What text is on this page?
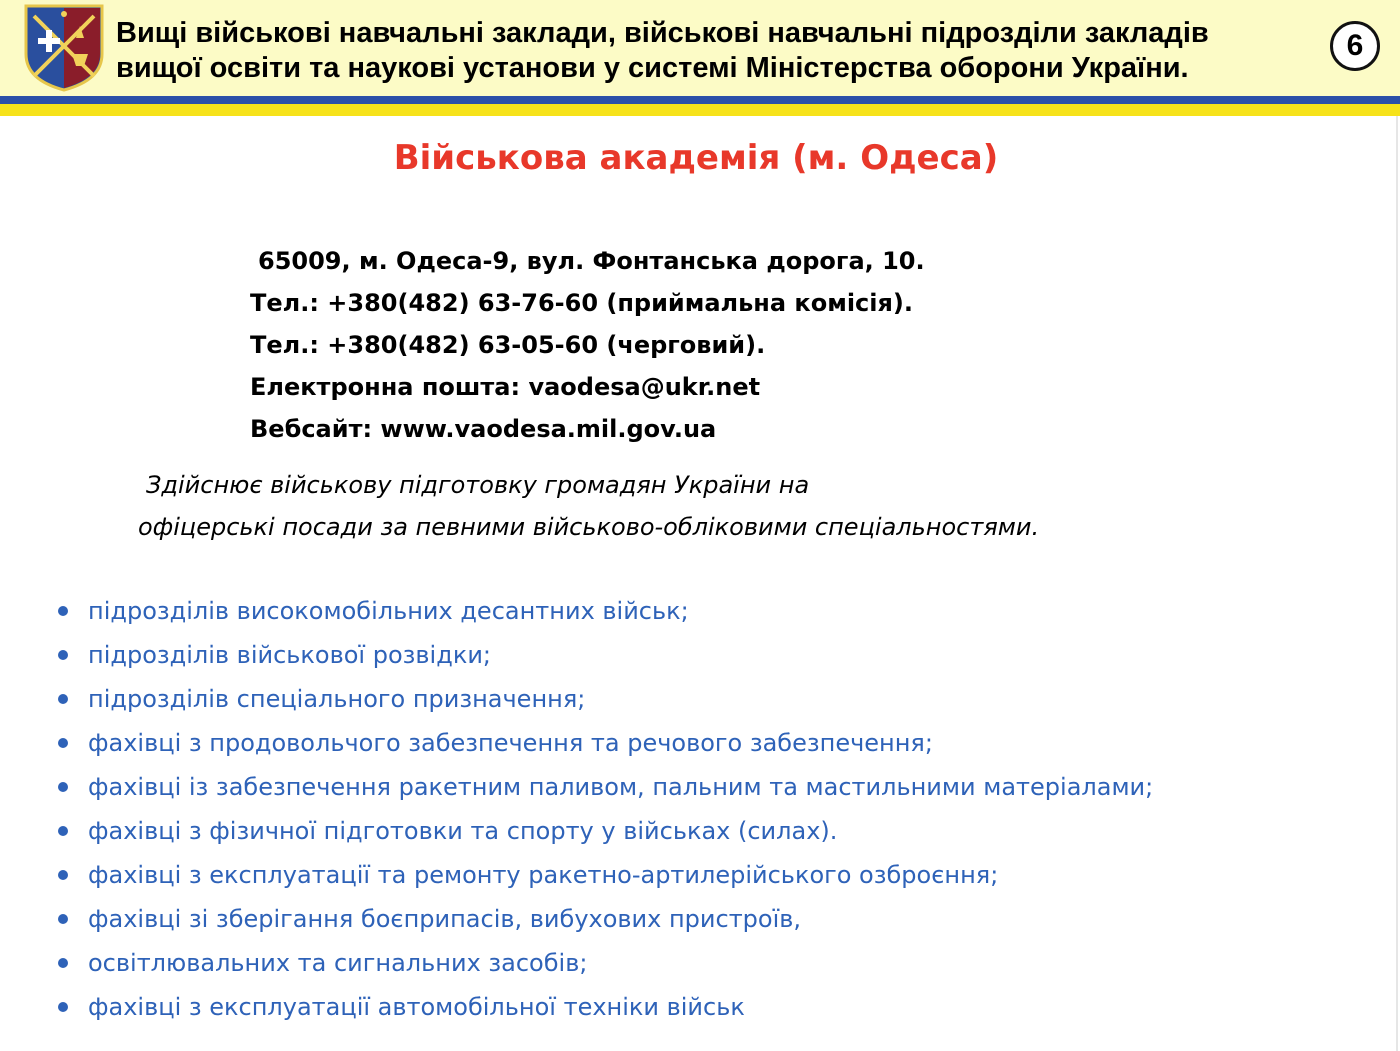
Вищі військові навчальні заклади, військові навчальні підрозділи закладів
вищої освіти та наукові установи у системі Міністерства оборони України.
6
Військова академія (м. Одеса)
65009, м. Одеса-9, вул. Фонтанська дорога, 10.
Тел.: +380(482) 63-76-60 (приймальна комісія).
Тел.: +380(482) 63-05-60 (черговий).
Електронна пошта: vaodesa@ukr.net
Вебсайт: www.vaodesa.mil.gov.ua
Здійснює військову підготовку громадян України на
офіцерські посади за певними військово-обліковими спеціальностями.
підрозділів високомобільних десантних військ;
підрозділів військової розвідки;
підрозділів спеціального призначення;
фахівці з продовольчого забезпечення та речового забезпечення;
фахівці із забезпечення ракетним паливом, пальним та мастильними матеріалами;
фахівці з фізичної підготовки та спорту у військах (силах).
фахівці з експлуатації та ремонту ракетно-артилерійського озброєння;
фахівці зі зберігання боєприпасів, вибухових пристроїв,
освітлювальних та сигнальних засобів;
фахівці з експлуатації автомобільної техніки військ
